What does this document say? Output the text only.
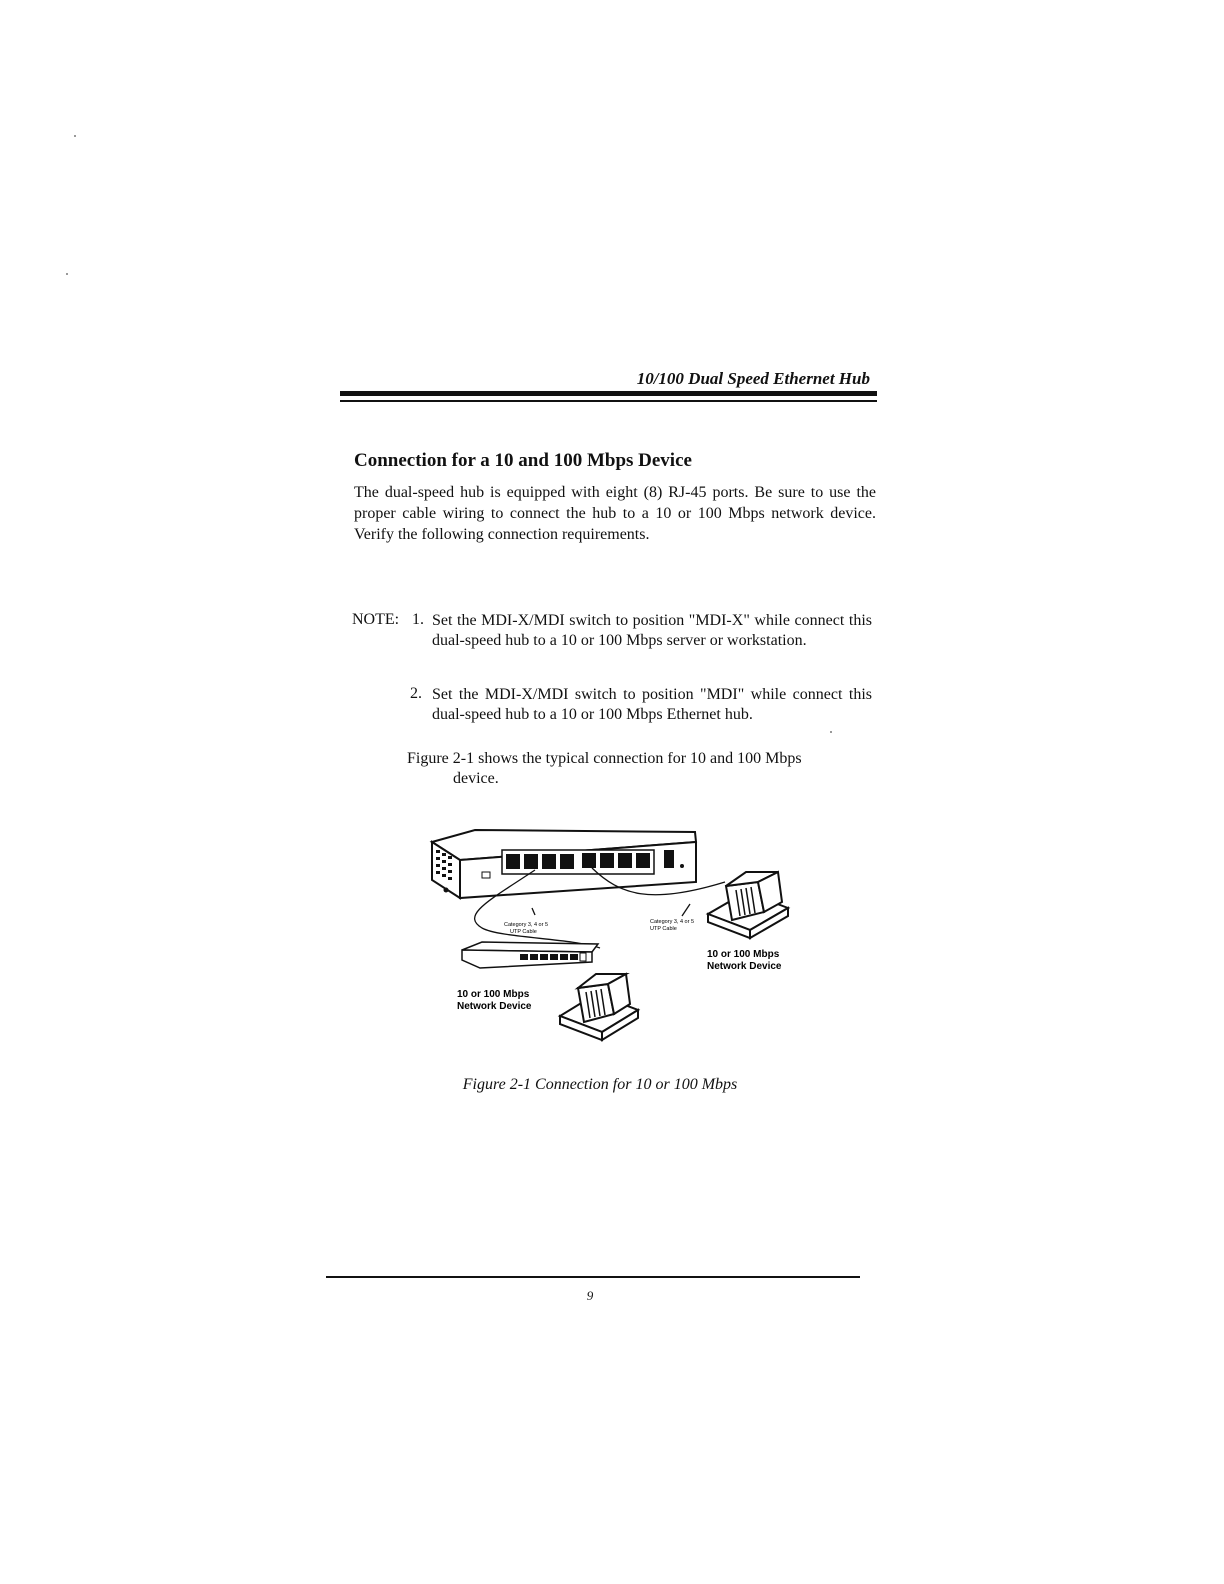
10/100 Dual Speed Ethernet Hub
Connection for a 10 and 100 Mbps Device
The dual-speed hub is equipped with eight (8) RJ-45 ports. Be sure to use the proper cable wiring to connect the hub to a 10 or 100 Mbps network device. Verify the following connection requirements.
NOTE: 1. Set the MDI-X/MDI switch to position "MDI-X" while connect this dual-speed hub to a 10 or 100 Mbps server or workstation.
2. Set the MDI-X/MDI switch to position "MDI" while connect this dual-speed hub to a 10 or 100 Mbps Ethernet hub.
Figure 2-1 shows the typical connection for 10 and 100 Mbps
device.
Category 3, 4 or 5 UTP Cable
Category 3, 4 or 5 UTP Cable
10 or 100 Mbps Network Device
10 or 100 Mbps Network Device
Figure 2-1 Connection for 10 or 100 Mbps
9
